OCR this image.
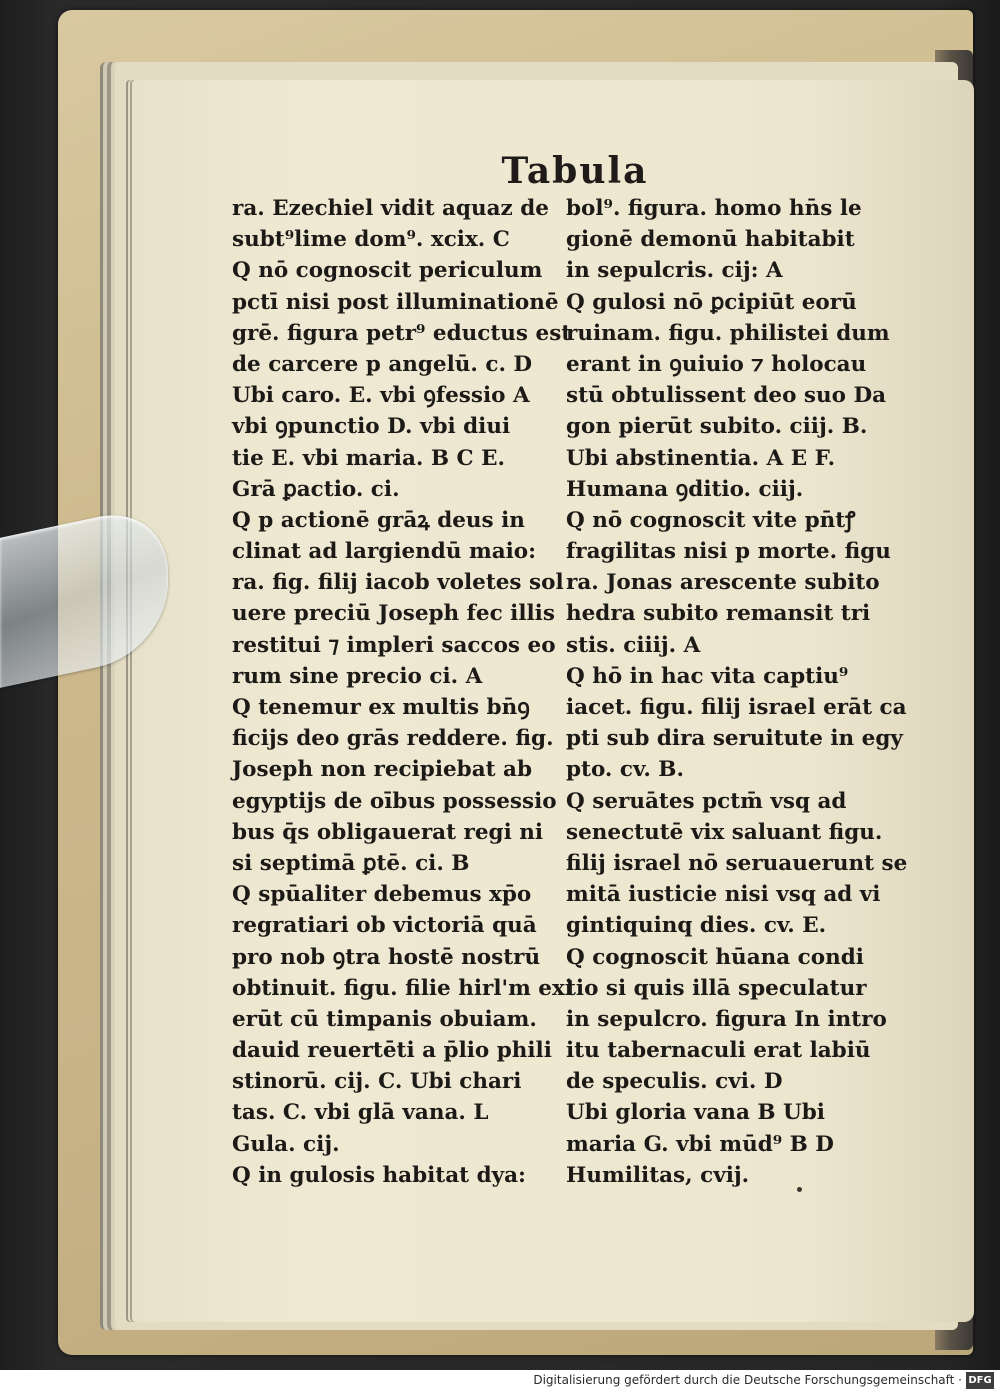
Tabula
ra. Ezechiel vidit aquaz de
subt⁹lime dom⁹. xcix. C
Q nō cognoscit periculum
pctī nisi post illuminationē
grē. figura petr⁹ eductus est
de carcere p angelū. c. D
Ubi caro. E. vbi ꝯfessio A
vbi ꝯpunctio D. vbi diui
tie E. vbi maria. B C E.
Grā ꝑactio. ci.
Q p actionē grāꝝ deus in
clinat ad largiendū maio:
ra. fig. filij iacob voletes sol
uere preciū Joseph fec illis
restitui ⁊ impleri saccos eo
rum sine precio ci. A
Q tenemur ex multis bn̄ꝯ
ficijs deo grās reddere. fig.
Joseph non recipiebat ab
egyptijs de oībus possessio
bus q̄s obligauerat regi ni
si septimā ꝑtē. ci. B
Q spūaliter debemus xp̄o
regratiari ob victoriā quā
pro nob ꝯtra hostē nostrū
obtinuit. figu. filie hirl'm exi
erūt cū timpanis obuiam.
dauid reuertēti a p̄lio phili
stinorū. cij. C. Ubi chari
tas. C. vbi glā vana. L
Gula. cij.
Q in gulosis habitat dya:
bol⁹. figura. homo hn̄s le
gionē demonū habitabit
in sepulcris. cij: A
Q gulosi nō ꝑcipiūt eorū
ruinam. figu. philistei dum
erant in ꝯuiuio ⁊ holocau
stū obtulissent deo suo Da
gon pierūt subito. ciij. B.
Ubi abstinentia. A E F.
Humana ꝯditio. ciij.
Q nō cognoscit vite pn̄tꝭ
fragilitas nisi p morte. figu
ra. Jonas arescente subito
hedra subito remansit tri
stis. ciiij. A
Q hō in hac vita captiu⁹
iacet. figu. filij israel erāt ca
pti sub dira seruitute in egy
pto. cv. B.
Q seruātes pctm̄ vsq ad
senectutē vix saluant figu.
filij israel nō seruauerunt se
mitā iusticie nisi vsq ad vi
gintiquinq dies. cv. E.
Q cognoscit hūana condi
tio si quis illā speculatur
in sepulcro. figura In intro
itu tabernaculi erat labiū
de speculis. cvi. D
Ubi gloria vana B Ubi
maria G. vbi mūd⁹ B D
Humilitas, cvij.
Digitalisierung gefördert durch die Deutsche Forschungsgemeinschaft · DFG
